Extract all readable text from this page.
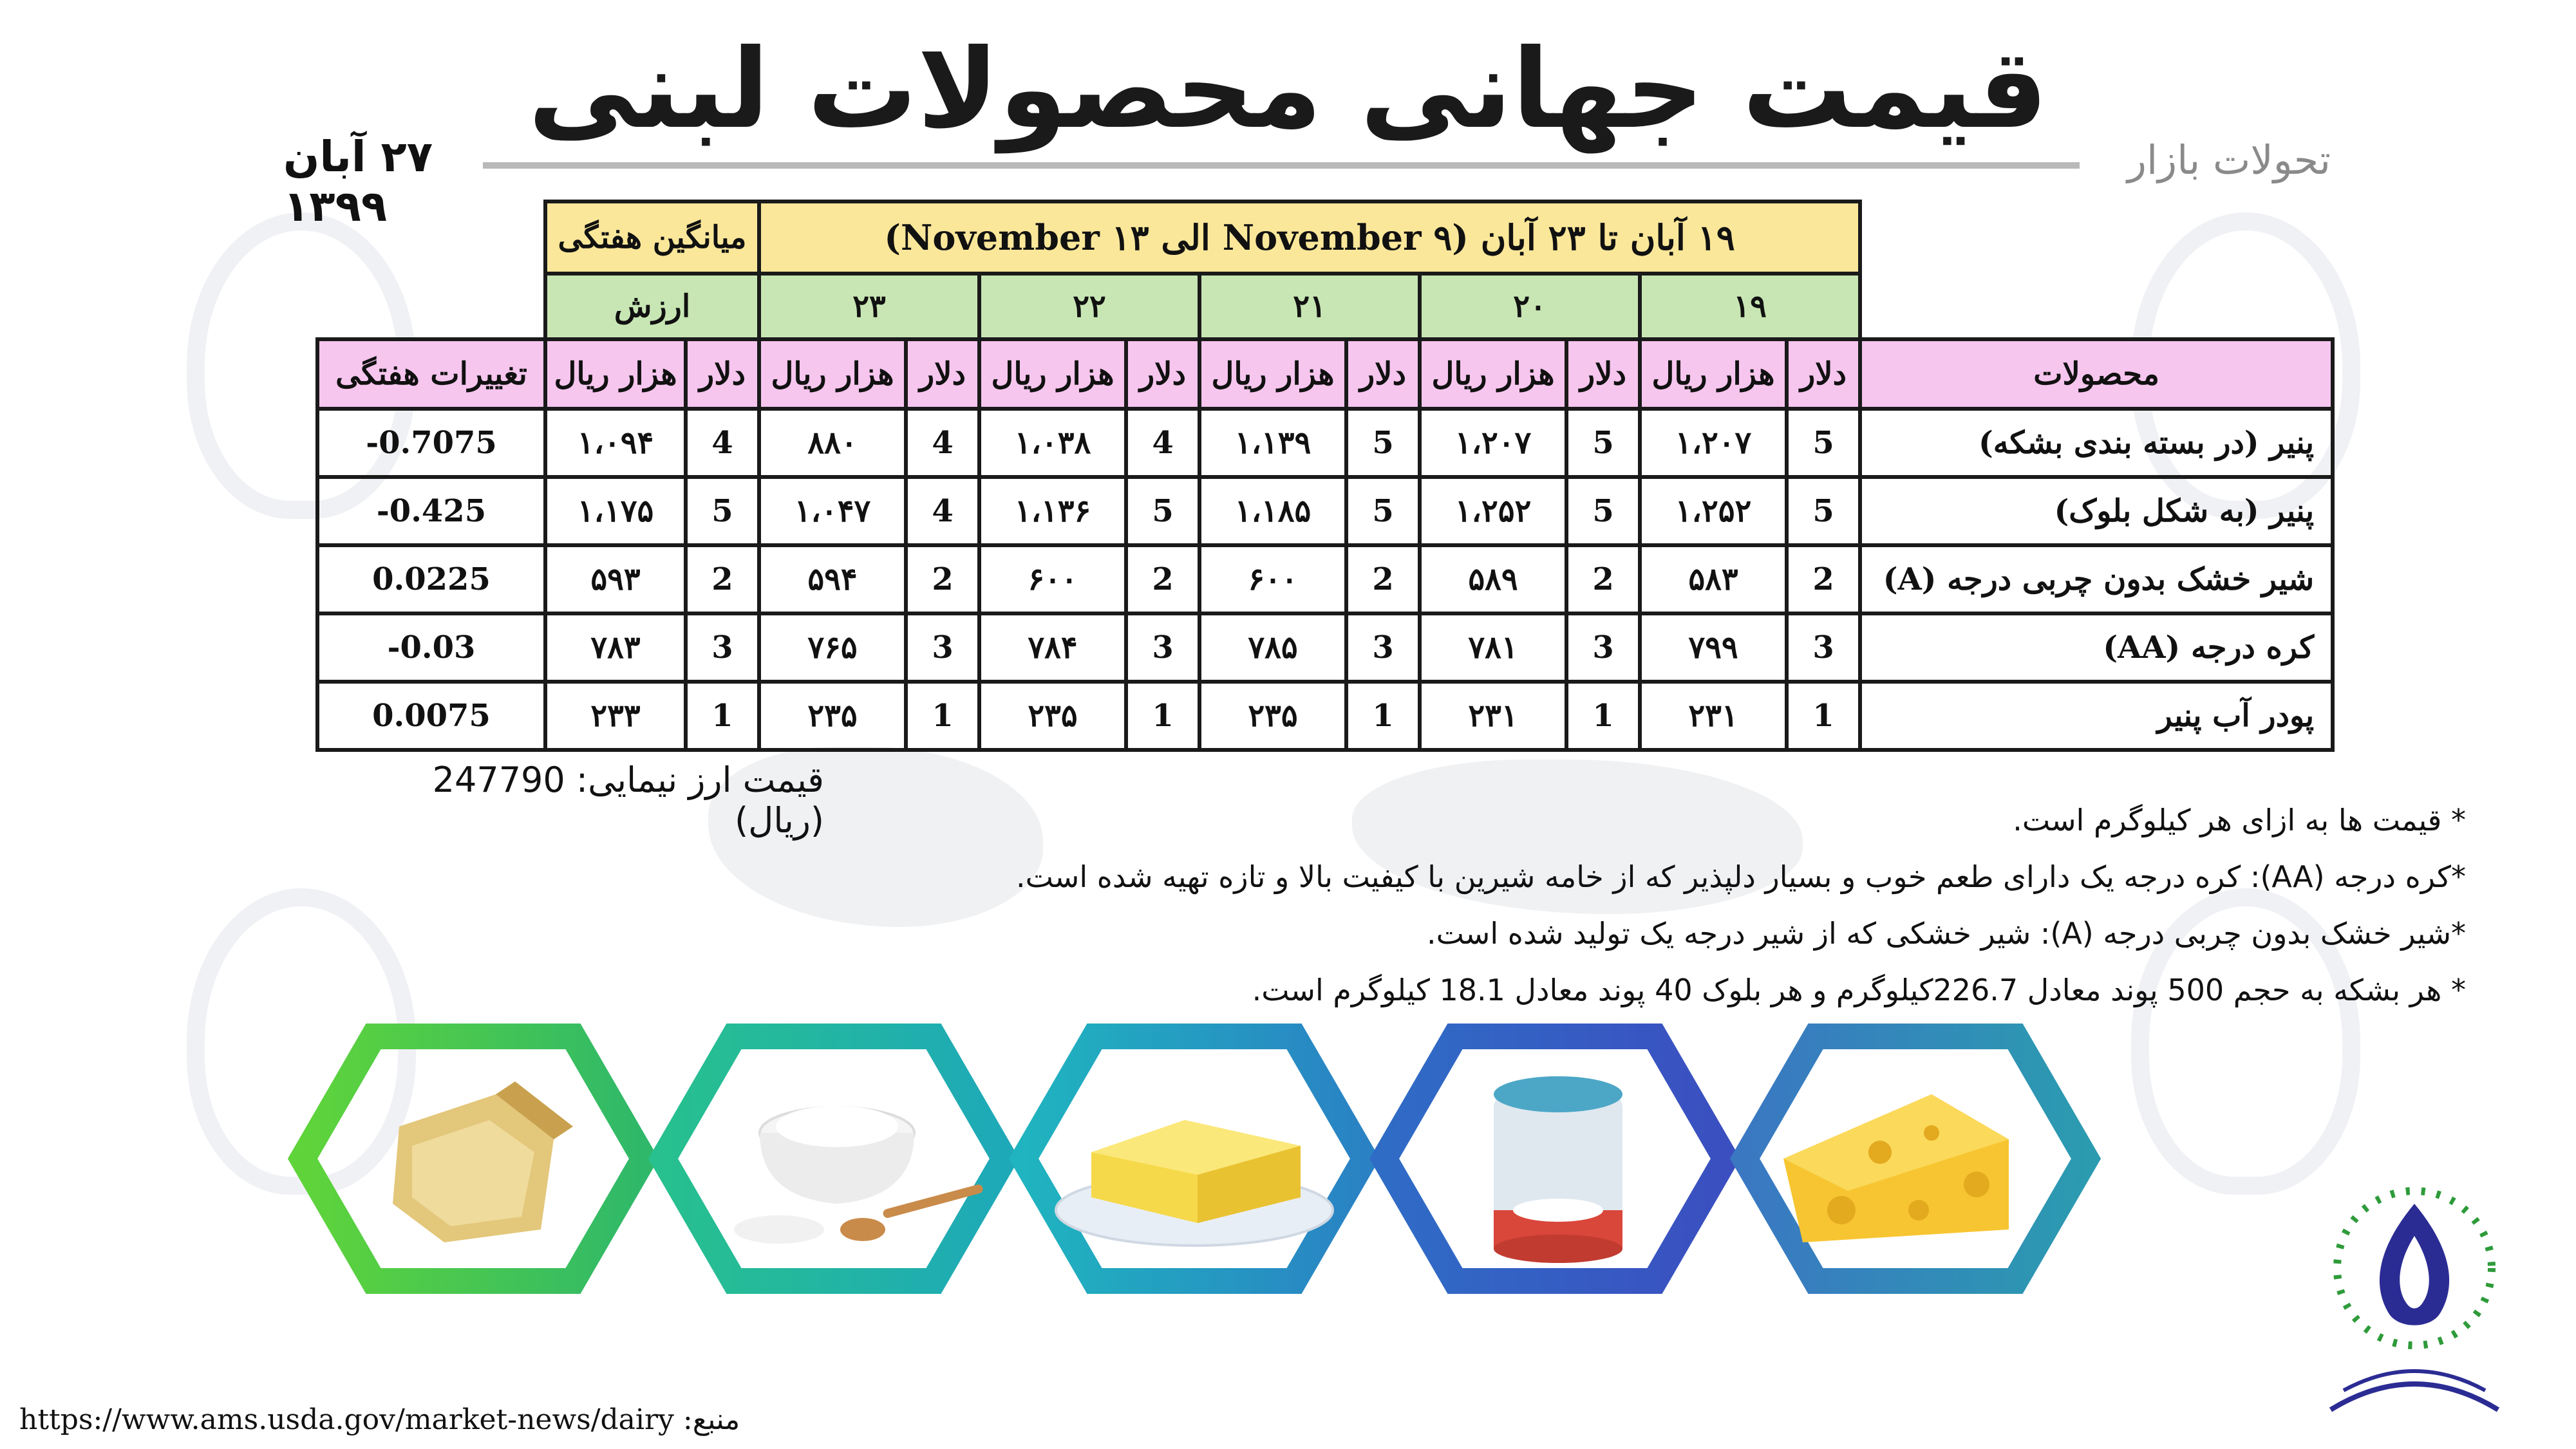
قیمت جهانی محصولات لبنی
۲۷ آبان ۱۳۹۹
تحولات بازار
	میانگین هفتگی		۱۹ آبان تا ۲۳ آبان (۹ November الی ۱۳ November)										
	ارزش		۲۳		۲۲		۲۱		۲۰		۱۹		
تغییرات هفتگی	هزار ریال	دلار	هزار ریال	دلار	هزار ریال	دلار	هزار ریال	دلار	هزار ریال	دلار	هزار ریال	دلار	محصولات
-0.7075	۱،۰۹۴	4	۸۸۰	4	۱،۰۳۸	4	۱،۱۳۹	5	۱،۲۰۷	5	۱،۲۰۷	5	پنیر (در بسته بندی بشکه)
-0.425	۱،۱۷۵	5	۱،۰۴۷	4	۱،۱۳۶	5	۱،۱۸۵	5	۱،۲۵۲	5	۱،۲۵۲	5	پنیر (به شکل بلوک)
0.0225	۵۹۳	2	۵۹۴	2	۶۰۰	2	۶۰۰	2	۵۸۹	2	۵۸۳	2	شیر خشک بدون چربی درجه (A)
-0.03	۷۸۳	3	۷۶۵	3	۷۸۴	3	۷۸۵	3	۷۸۱	3	۷۹۹	3	کره درجه (AA)
0.0075	۲۳۳	1	۲۳۵	1	۲۳۵	1	۲۳۵	1	۲۳۱	1	۲۳۱	1	پودر آب پنیر
قیمت ارز نیمایی: 247790 (ریال)	* قیمت ها به ازای هر کیلوگرم است.
*کره درجه (AA): کره درجه یک دارای طعم خوب و بسیار دلپذیر که از خامه شیرین با کیفیت بالا و تازه تهیه شده است.
*شیر خشک بدون چربی درجه (A): شیر خشکی که از شیر درجه یک تولید شده است.
* هر بشکه به حجم 500 پوند معادل 226.7کیلوگرم و هر بلوک 40 پوند معادل 18.1 کیلوگرم است.
https://www.ams.usda.gov/market-news/dairy :منبع
